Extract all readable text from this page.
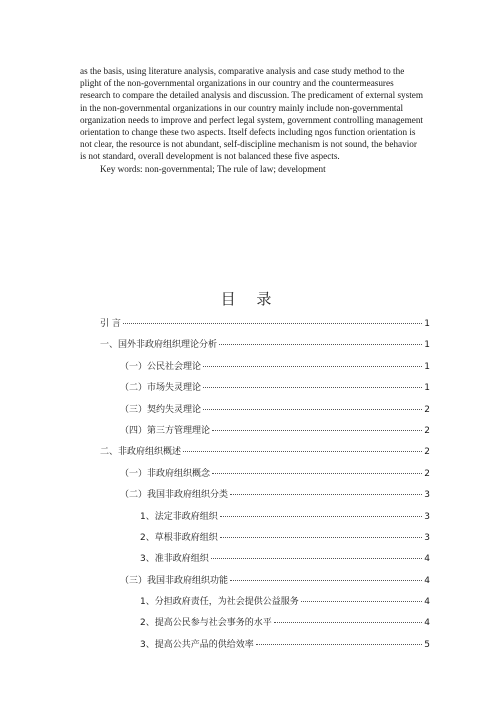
as the basis, using literature analysis, comparative analysis and case study method to the plight of the non-governmental organizations in our country and the countermeasures research to compare the detailed analysis and discussion. The predicament of external system in the non-governmental organizations in our country mainly include non-governmental organization needs to improve and perfect legal system, government controlling management orientation to change these two aspects. Itself defects including ngos function orientation is not clear, the resource is not abundant, self-discipline mechanism is not sound, the behavior is not standard, overall development is not balanced these five aspects.

Key words: non-governmental; The rule of law; development

目 录
引 言	1
一、国外非政府组织理论分析	1
（一）公民社会理论	1
（二）市场失灵理论	1
（三）契约失灵理论	2
（四）第三方管理理论	2
二、非政府组织概述	2
（一）非政府组织概念	2
（二）我国非政府组织分类	3
1、法定非政府组织	3
2、草根非政府组织	3
3、准非政府组织	4
（三）我国非政府组织功能	4
1、分担政府责任，为社会提供公益服务	4
2、提高公民参与社会事务的水平	4
3、提高公共产品的供给效率	5
